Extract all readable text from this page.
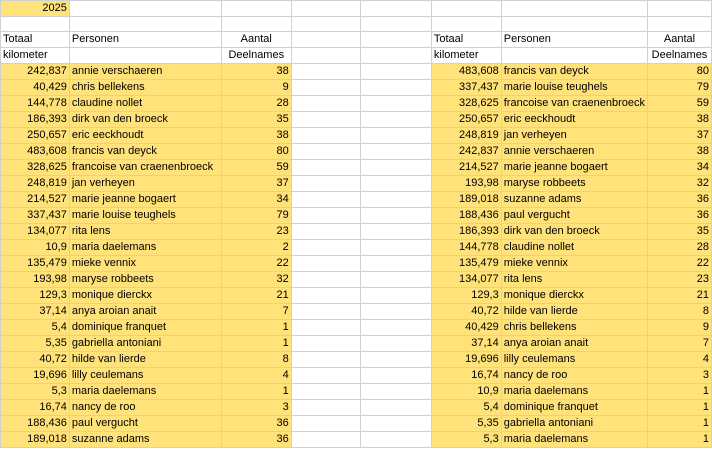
2025							

Totaal	Personen	Aantal			Totaal	Personen	Aantal
kilometer		Deelnames			kilometer		Deelnames
242,837	annie verschaeren	38			483,608	francis van deyck	80
40,429	chris bellekens	9			337,437	marie louise teughels	79
144,778	claudine nollet	28			328,625	francoise van craenenbroeck	59
186,393	dirk van den broeck	35			250,657	eric eeckhoudt	38
250,657	eric eeckhoudt	38			248,819	jan verheyen	37
483,608	francis van deyck	80			242,837	annie verschaeren	38
328,625	francoise van craenenbroeck	59			214,527	marie jeanne bogaert	34
248,819	jan verheyen	37			193,98	maryse robbeets	32
214,527	marie jeanne bogaert	34			189,018	suzanne adams	36
337,437	marie louise teughels	79			188,436	paul vergucht	36
134,077	rita lens	23			186,393	dirk van den broeck	35
10,9	maria daelemans	2			144,778	claudine nollet	28
135,479	mieke vennix	22			135,479	mieke vennix	22
193,98	maryse robbeets	32			134,077	rita lens	23
129,3	monique dierckx	21			129,3	monique dierckx	21
37,14	anya aroian anait	7			40,72	hilde van lierde	8
5,4	dominique franquet	1			40,429	chris bellekens	9
5,35	gabriella antoniani	1			37,14	anya aroian anait	7
40,72	hilde van lierde	8			19,696	lilly ceulemans	4
19,696	lilly ceulemans	4			16,74	nancy de roo	3
5,3	maria daelemans	1			10,9	maria daelemans	1
16,74	nancy de roo	3			5,4	dominique franquet	1
188,436	paul vergucht	36			5,35	gabriella antoniani	1
189,018	suzanne adams	36			5,3	maria daelemans	1
